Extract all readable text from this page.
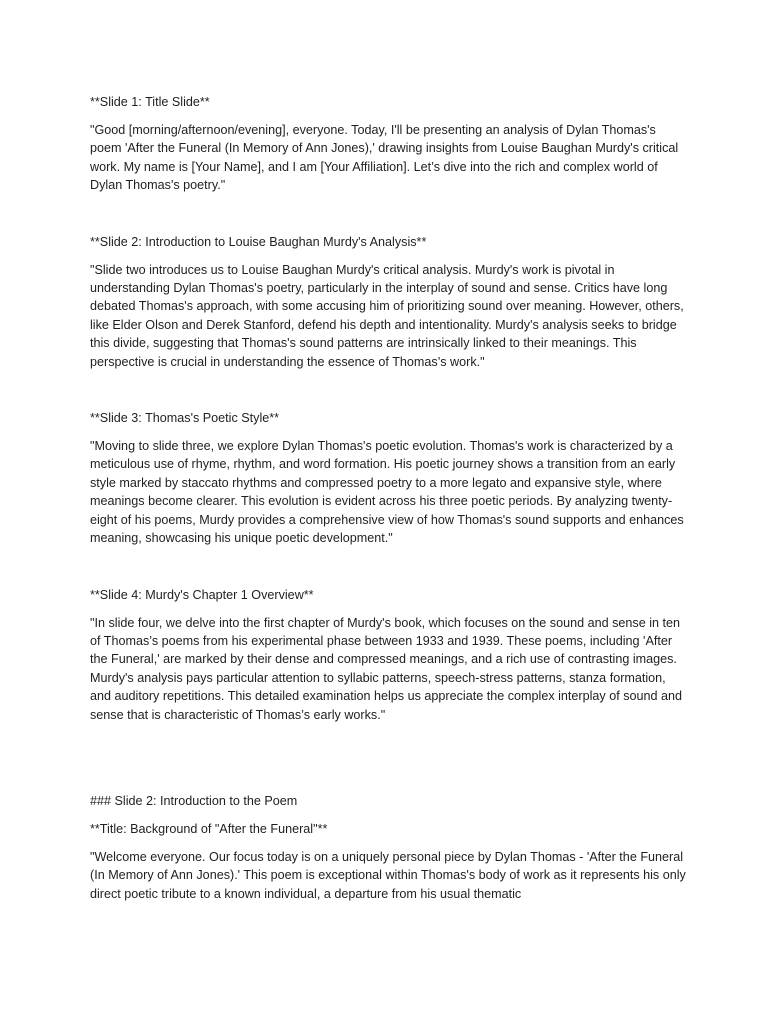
**Slide 1: Title Slide**

"Good [morning/afternoon/evening], everyone. Today, I'll be presenting an analysis of Dylan Thomas's poem 'After the Funeral (In Memory of Ann Jones),' drawing insights from Louise Baughan Murdy's critical work. My name is [Your Name], and I am [Your Affiliation]. Let’s dive into the rich and complex world of Dylan Thomas's poetry."

**Slide 2: Introduction to Louise Baughan Murdy's Analysis**

"Slide two introduces us to Louise Baughan Murdy's critical analysis. Murdy's work is pivotal in understanding Dylan Thomas's poetry, particularly in the interplay of sound and sense. Critics have long debated Thomas's approach, with some accusing him of prioritizing sound over meaning. However, others, like Elder Olson and Derek Stanford, defend his depth and intentionality. Murdy's analysis seeks to bridge this divide, suggesting that Thomas's sound patterns are intrinsically linked to their meanings. This perspective is crucial in understanding the essence of Thomas’s work."

**Slide 3: Thomas's Poetic Style**

"Moving to slide three, we explore Dylan Thomas's poetic evolution. Thomas's work is characterized by a meticulous use of rhyme, rhythm, and word formation. His poetic journey shows a transition from an early style marked by staccato rhythms and compressed poetry to a more legato and expansive style, where meanings become clearer. This evolution is evident across his three poetic periods. By analyzing twenty-eight of his poems, Murdy provides a comprehensive view of how Thomas's sound supports and enhances meaning, showcasing his unique poetic development."

**Slide 4: Murdy's Chapter 1 Overview**

"In slide four, we delve into the first chapter of Murdy's book, which focuses on the sound and sense in ten of Thomas’s poems from his experimental phase between 1933 and 1939. These poems, including 'After the Funeral,' are marked by their dense and compressed meanings, and a rich use of contrasting images. Murdy's analysis pays particular attention to syllabic patterns, speech-stress patterns, stanza formation, and auditory repetitions. This detailed examination helps us appreciate the complex interplay of sound and sense that is characteristic of Thomas’s early works."

### Slide 2: Introduction to the Poem

**Title: Background of "After the Funeral"**

"Welcome everyone. Our focus today is on a uniquely personal piece by Dylan Thomas - 'After the Funeral (In Memory of Ann Jones).' This poem is exceptional within Thomas's body of work as it represents his only direct poetic tribute to a known individual, a departure from his usual thematic
